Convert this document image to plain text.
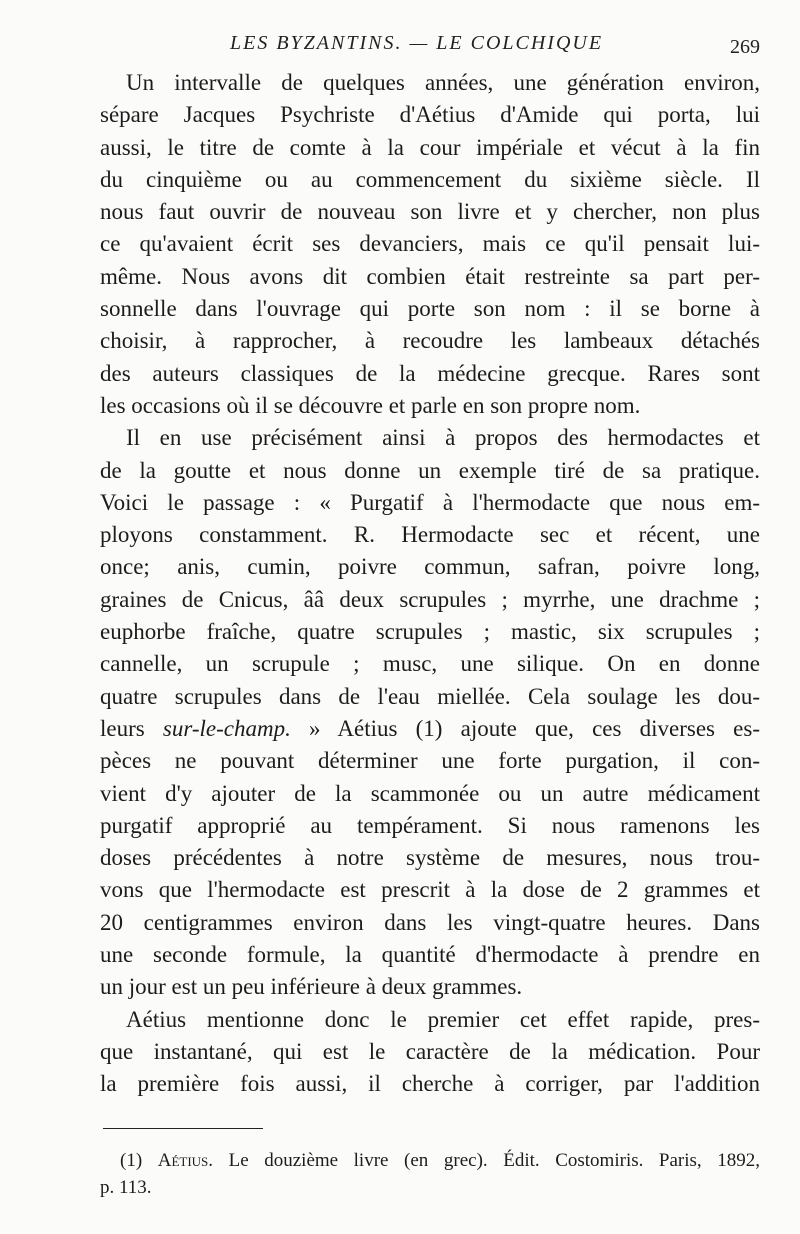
LES BYZANTINS. — LE COLCHIQUE	269
Un intervalle de quelques années, une génération environ,
sépare Jacques Psychriste d'Aétius d'Amide qui porta, lui
aussi, le titre de comte à la cour impériale et vécut à la fin
du cinquième ou au commencement du sixième siècle. Il
nous faut ouvrir de nouveau son livre et y chercher, non plus
ce qu'avaient écrit ses devanciers, mais ce qu'il pensait lui-
même. Nous avons dit combien était restreinte sa part per-
sonnelle dans l'ouvrage qui porte son nom : il se borne à
choisir, à rapprocher, à recoudre les lambeaux détachés
des auteurs classiques de la médecine grecque. Rares sont
les occasions où il se découvre et parle en son propre nom.
Il en use précisément ainsi à propos des hermodactes et
de la goutte et nous donne un exemple tiré de sa pratique.
Voici le passage : « Purgatif à l'hermodacte que nous em-
ployons constamment. R. Hermodacte sec et récent, une
once; anis, cumin, poivre commun, safran, poivre long,
graines de Cnicus, ââ deux scrupules ; myrrhe, une drachme ;
euphorbe fraîche, quatre scrupules ; mastic, six scrupules ;
cannelle, un scrupule ; musc, une silique. On en donne
quatre scrupules dans de l'eau miellée. Cela soulage les dou-
leurs sur-le-champ. » Aétius (1) ajoute que, ces diverses es-
pèces ne pouvant déterminer une forte purgation, il con-
vient d'y ajouter de la scammonée ou un autre médicament
purgatif approprié au tempérament. Si nous ramenons les
doses précédentes à notre système de mesures, nous trou-
vons que l'hermodacte est prescrit à la dose de 2 grammes et
20 centigrammes environ dans les vingt-quatre heures. Dans
une seconde formule, la quantité d'hermodacte à prendre en
un jour est un peu inférieure à deux grammes.
Aétius mentionne donc le premier cet effet rapide, pres-
que instantané, qui est le caractère de la médication. Pour
la première fois aussi, il cherche à corriger, par l'addition
(1) Aétius. Le douzième livre (en grec). Édit. Costomiris. Paris, 1892,
p. 113.
